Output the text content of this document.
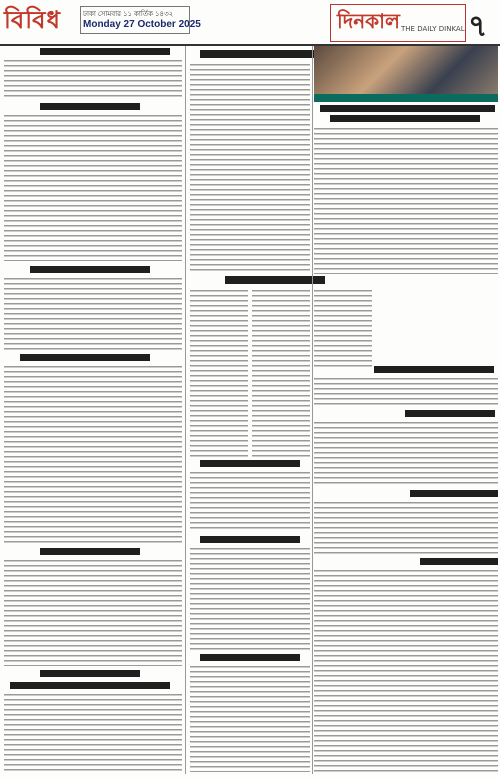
বিবিধ	ঢাকা সোমবার ১১ কার্তিক ১৪৩২
Monday 27 October 2025	দিনকাল THE DAILY DINKAL ৭
